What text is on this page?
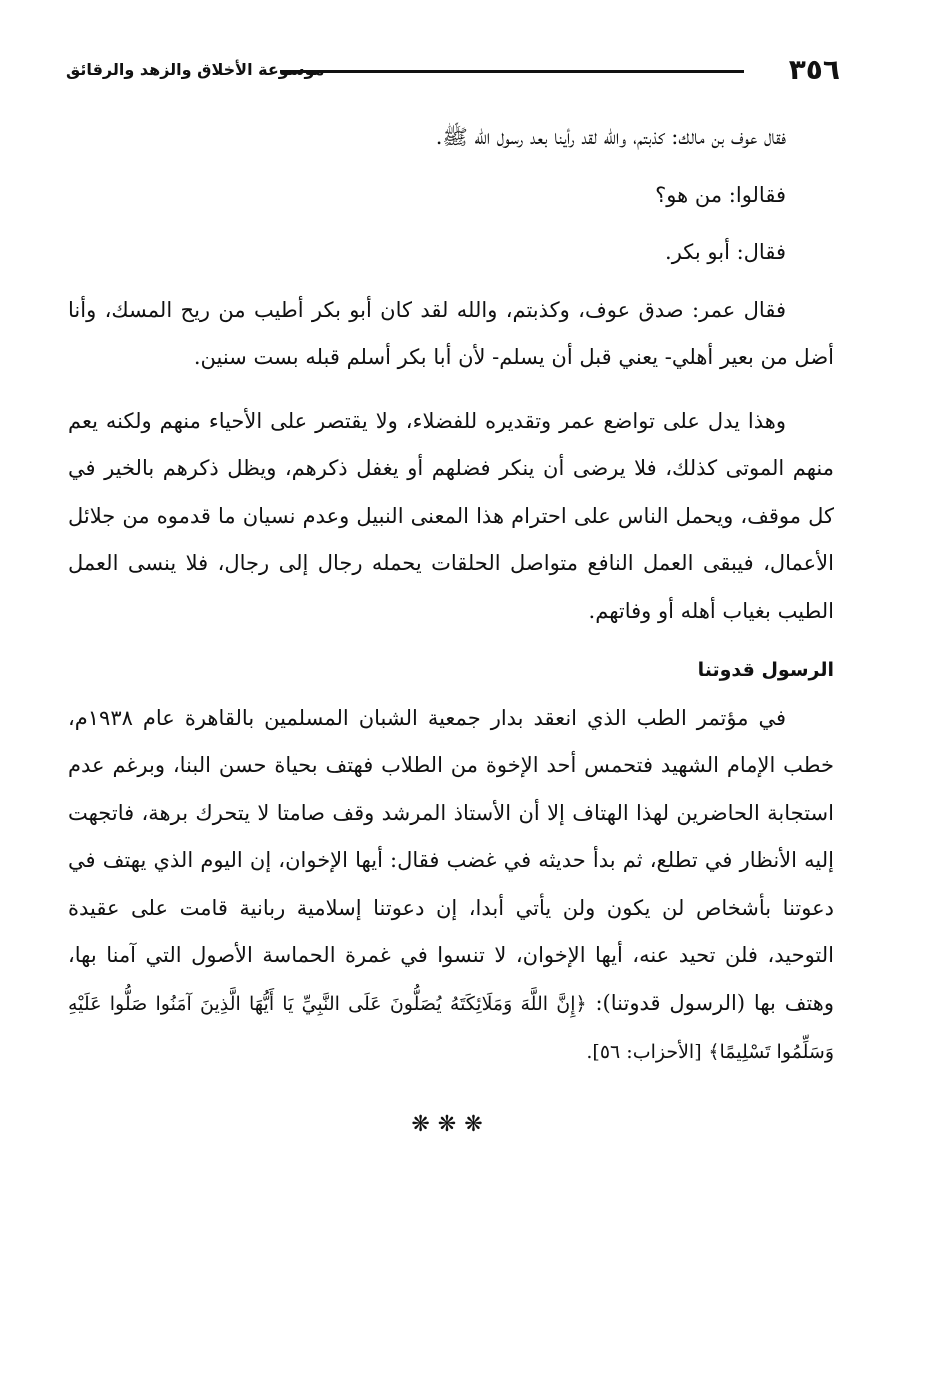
٣٥٦
موسوعة الأخلاق والزهد والرقائق

فقال عوف بن مالك: كذبتم، والله لقد رأينا بعد رسول الله ﷺ.

فقالوا: من هو؟

فقال: أبو بكر.

فقال عمر: صدق عوف، وكذبتم، والله لقد كان أبو بكر أطيب من ريح المسك، وأنا أضل من بعير أهلي- يعني قبل أن يسلم- لأن أبا بكر أسلم قبله بست سنين.

وهذا يدل على تواضع عمر وتقديره للفضلاء، ولا يقتصر على الأحياء منهم ولكنه يعم منهم الموتى كذلك، فلا يرضى أن ينكر فضلهم أو يغفل ذكرهم، ويظل ذكرهم بالخير في كل موقف، ويحمل الناس على احترام هذا المعنى النبيل وعدم نسيان ما قدموه من جلائل الأعمال، فيبقى العمل النافع متواصل الحلقات يحمله رجال إلى رجال، فلا ينسى العمل الطيب بغياب أهله أو وفاتهم.

الرسول قدوتنا

في مؤتمر الطب الذي انعقد بدار جمعية الشبان المسلمين بالقاهرة عام ١٩٣٨م، خطب الإمام الشهيد فتحمس أحد الإخوة من الطلاب فهتف بحياة حسن البنا، وبرغم عدم استجابة الحاضرين لهذا الهتاف إلا أن الأستاذ المرشد وقف صامتا لا يتحرك برهة، فاتجهت إليه الأنظار في تطلع، ثم بدأ حديثه في غضب فقال: أيها الإخوان، إن اليوم الذي يهتف في دعوتنا بأشخاص لن يكون ولن يأتي أبدا، إن دعوتنا إسلامية ربانية قامت على عقيدة التوحيد، فلن تحيد عنه، أيها الإخوان، لا تنسوا في غمرة الحماسة الأصول التي آمنا بها، وهتف بها (الرسول قدوتنا): ﴿إِنَّ اللَّهَ وَمَلَائِكَتَهُ يُصَلُّونَ عَلَى النَّبِيِّ يَا أَيُّهَا الَّذِينَ آمَنُوا صَلُّوا عَلَيْهِ وَسَلِّمُوا تَسْلِيمًا﴾ [الأحزاب: ٥٦].

❋❋❋
